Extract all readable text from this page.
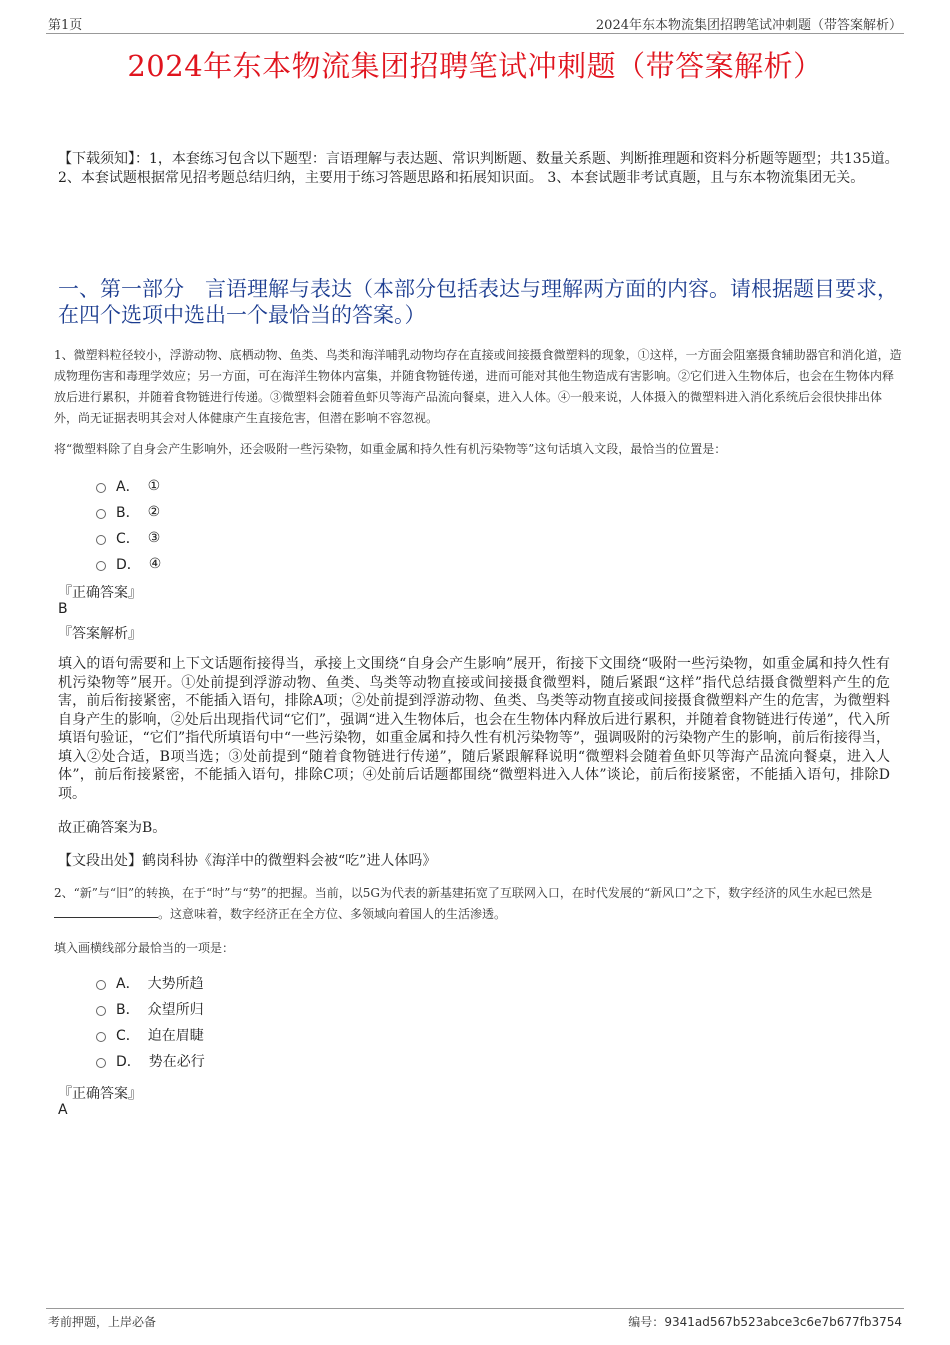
第1页	2024年东本物流集团招聘笔试冲刺题（带答案解析）
2024年东本物流集团招聘笔试冲刺题（带答案解析）
【下载须知】：1，本套练习包含以下题型：言语理解与表达题、常识判断题、数量关系题、判断推理题和资料分析题等题型；共135道。 2、本套试题根据常见招考题总结归纳，主要用于练习答题思路和拓展知识面。 3、本套试题非考试真题，且与东本物流集团无关。
一、第一部分　言语理解与表达（本部分包括表达与理解两方面的内容。请根据题目要求，在四个选项中选出一个最恰当的答案。）
1、微塑料粒径较小，浮游动物、底栖动物、鱼类、鸟类和海洋哺乳动物均存在直接或间接摄食微塑料的现象，①这样，一方面会阻塞摄食辅助器官和消化道，造成物理伤害和毒理学效应；另一方面，可在海洋生物体内富集，并随食物链传递，进而可能对其他生物造成有害影响。②它们进入生物体后，也会在生物体内释放后进行累积，并随着食物链进行传递。③微塑料会随着鱼虾贝等海产品流向餐桌，进入人体。④一般来说，人体摄入的微塑料进入消化系统后会很快排出体外，尚无证据表明其会对人体健康产生直接危害，但潜在影响不容忽视。
将“微塑料除了自身会产生影响外，还会吸附一些污染物，如重金属和持久性有机污染物等”这句话填入文段，最恰当的位置是：
A． ①
B． ②
C． ③
D． ④
『正确答案』
B
『答案解析』
填入的语句需要和上下文话题衔接得当，承接上文围绕“自身会产生影响”展开，衔接下文围绕“吸附一些污染物，如重金属和持久性有机污染物等”展开。①处前提到浮游动物、鱼类、鸟类等动物直接或间接摄食微塑料，随后紧跟“这样”指代总结摄食微塑料产生的危害，前后衔接紧密，不能插入语句，排除A项；②处前提到浮游动物、鱼类、鸟类等动物直接或间接摄食微塑料产生的危害，为微塑料自身产生的影响，②处后出现指代词“它们”，强调“进入生物体后，也会在生物体内释放后进行累积，并随着食物链进行传递”，代入所填语句验证，“它们”指代所填语句中“一些污染物，如重金属和持久性有机污染物等”，强调吸附的污染物产生的影响，前后衔接得当，填入②处合适，B项当选；③处前提到“随着食物链进行传递”，随后紧跟解释说明“微塑料会随着鱼虾贝等海产品流向餐桌，进入人体”，前后衔接紧密，不能插入语句，排除C项；④处前后话题都围绕“微塑料进入人体”谈论，前后衔接紧密，不能插入语句，排除D项。
故正确答案为B。
【文段出处】鹤岗科协《海洋中的微塑料会被“吃”进人体吗》
2、“新”与“旧”的转换，在于“时”与“势”的把握。当前，以5G为代表的新基建拓宽了互联网入口，在时代发展的“新风口”之下，数字经济的风生水起已然是。这意味着，数字经济正在全方位、多领域向着国人的生活渗透。
填入画横线部分最恰当的一项是：
A． 大势所趋
B． 众望所归
C． 迫在眉睫
D． 势在必行
『正确答案』
A
考前押题，上岸必备	编号：9341ad567b523abce3c6e7b677fb3754
